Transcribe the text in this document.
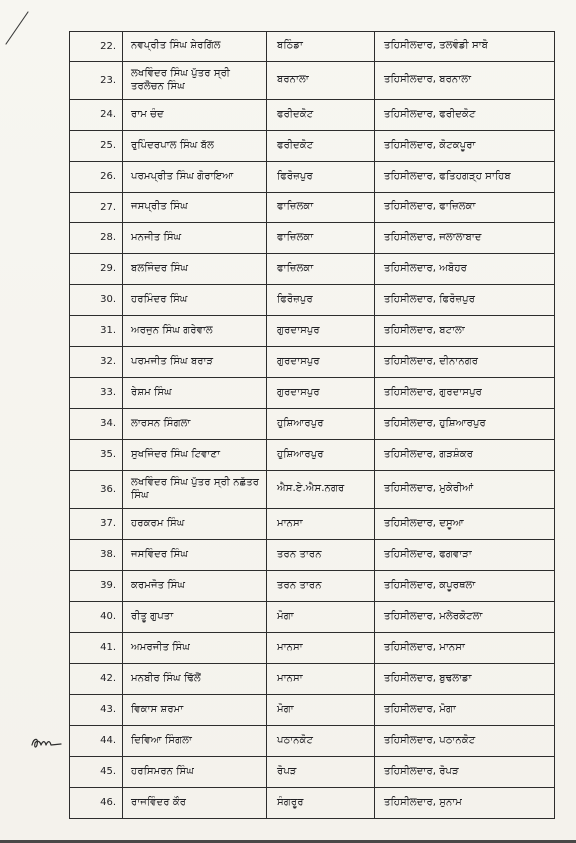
22.	ਨਵਪ੍ਰੀਤ ਸਿੰਘ ਸ਼ੇਰਗਿੱਲ	ਬਠਿੰਡਾ	ਤਹਿਸੀਲਦਾਰ, ਤਲਵੰਡੀ ਸਾਬੋ
23.	ਲਖਵਿੰਦਰ ਸਿੰਘ ਪੁੱਤਰ ਸ੍ਰੀ ਤਰਲੋਚਨ ਸਿੰਘ	ਬਰਨਾਲਾ	ਤਹਿਸੀਲਦਾਰ, ਬਰਨਾਲਾ
24.	ਰਾਮ ਚੰਦ	ਫਰੀਦਕੋਟ	ਤਹਿਸੀਲਦਾਰ, ਫਰੀਦਕੋਟ
25.	ਰੁਪਿੰਦਰਪਾਲ ਸਿੰਘ ਬੱਲ	ਫਰੀਦਕੋਟ	ਤਹਿਸੀਲਦਾਰ, ਕੋਟਕਪੂਰਾ
26.	ਪਰਮਪ੍ਰੀਤ ਸਿੰਘ ਗੋਰਾਇਆ	ਫਿਰੋਜ਼ਪੁਰ	ਤਹਿਸੀਲਦਾਰ, ਫਤਿਹਗੜ੍ਹ ਸਾਹਿਬ
27.	ਜਸਪ੍ਰੀਤ ਸਿੰਘ	ਫਾਜ਼ਿਲਕਾ	ਤਹਿਸੀਲਦਾਰ, ਫਾਜ਼ਿਲਕਾ
28.	ਮਨਜੀਤ ਸਿੰਘ	ਫਾਜ਼ਿਲਕਾ	ਤਹਿਸੀਲਦਾਰ, ਜਲਾਲਾਬਾਦ
29.	ਬਲਜਿੰਦਰ ਸਿੰਘ	ਫਾਜ਼ਿਲਕਾ	ਤਹਿਸੀਲਦਾਰ, ਅਬੋਹਰ
30.	ਹਰਮਿੰਦਰ ਸਿੰਘ	ਫਿਰੋਜ਼ਪੁਰ	ਤਹਿਸੀਲਦਾਰ, ਫਿਰੋਜ਼ਪੁਰ
31.	ਅਰਜੁਨ ਸਿੰਘ ਗਰੇਵਾਲ	ਗੁਰਦਾਸਪੁਰ	ਤਹਿਸੀਲਦਾਰ, ਬਟਾਲਾ
32.	ਪਰਮਜੀਤ ਸਿੰਘ ਬਰਾੜ	ਗੁਰਦਾਸਪੁਰ	ਤਹਿਸੀਲਦਾਰ, ਦੀਨਾਨਗਰ
33.	ਰੇਸ਼ਮ ਸਿੰਘ	ਗੁਰਦਾਸਪੁਰ	ਤਹਿਸੀਲਦਾਰ, ਗੁਰਦਾਸਪੁਰ
34.	ਲਾਰਸਨ ਸਿੰਗਲਾ	ਹੁਸ਼ਿਆਰਪੁਰ	ਤਹਿਸੀਲਦਾਰ, ਹੁਸ਼ਿਆਰਪੁਰ
35.	ਸੁਖਜਿੰਦਰ ਸਿੰਘ ਟਿਵਾਣਾ	ਹੁਸ਼ਿਆਰਪੁਰ	ਤਹਿਸੀਲਦਾਰ, ਗੜਸ਼ੰਕਰ
36.	ਲਖਵਿੰਦਰ ਸਿੰਘ ਪੁੱਤਰ ਸ੍ਰੀ ਨਛੱਤਰ ਸਿੰਘ	ਐਸ.ਏ.ਐਸ.ਨਗਰ	ਤਹਿਸੀਲਦਾਰ, ਮੁਕੇਰੀਆਂ
37.	ਹਰਕਰਮ ਸਿੰਘ	ਮਾਨਸਾ	ਤਹਿਸੀਲਦਾਰ, ਦਸੂਆ
38.	ਜਸਵਿੰਦਰ ਸਿੰਘ	ਤਰਨ ਤਾਰਨ	ਤਹਿਸੀਲਦਾਰ, ਫਗਵਾੜਾ
39.	ਕਰਮਜੋਤ ਸਿੰਘ	ਤਰਨ ਤਾਰਨ	ਤਹਿਸੀਲਦਾਰ, ਕਪੂਰਥਲਾ
40.	ਰੀਤੂ ਗੁਪਤਾ	ਮੋਗਾ	ਤਹਿਸੀਲਦਾਰ, ਮਲੇਰਕੋਟਲਾ
41.	ਅਮਰਜੀਤ ਸਿੰਘ	ਮਾਨਸਾ	ਤਹਿਸੀਲਦਾਰ, ਮਾਨਸਾ
42.	ਮਨਬੀਰ ਸਿੰਘ ਢਿੱਲੋਂ	ਮਾਨਸਾ	ਤਹਿਸੀਲਦਾਰ, ਬੁਢਲਾਡਾ
43.	ਵਿਕਾਸ ਸ਼ਰਮਾ	ਮੋਗਾ	ਤਹਿਸੀਲਦਾਰ, ਮੋਗਾ
44.	ਦਿਵਿਆ ਸਿੰਗਲਾ	ਪਠਾਨਕੋਟ	ਤਹਿਸੀਲਦਾਰ, ਪਠਾਨਕੋਟ
45.	ਹਰਸਿਮਰਨ ਸਿੰਘ	ਰੋਪੜ	ਤਹਿਸੀਲਦਾਰ, ਰੋਪੜ
46.	ਰਾਜਵਿੰਦਰ ਕੌਰ	ਸੰਗਰੂਰ	ਤਹਿਸੀਲਦਾਰ, ਸੁਨਾਮ
